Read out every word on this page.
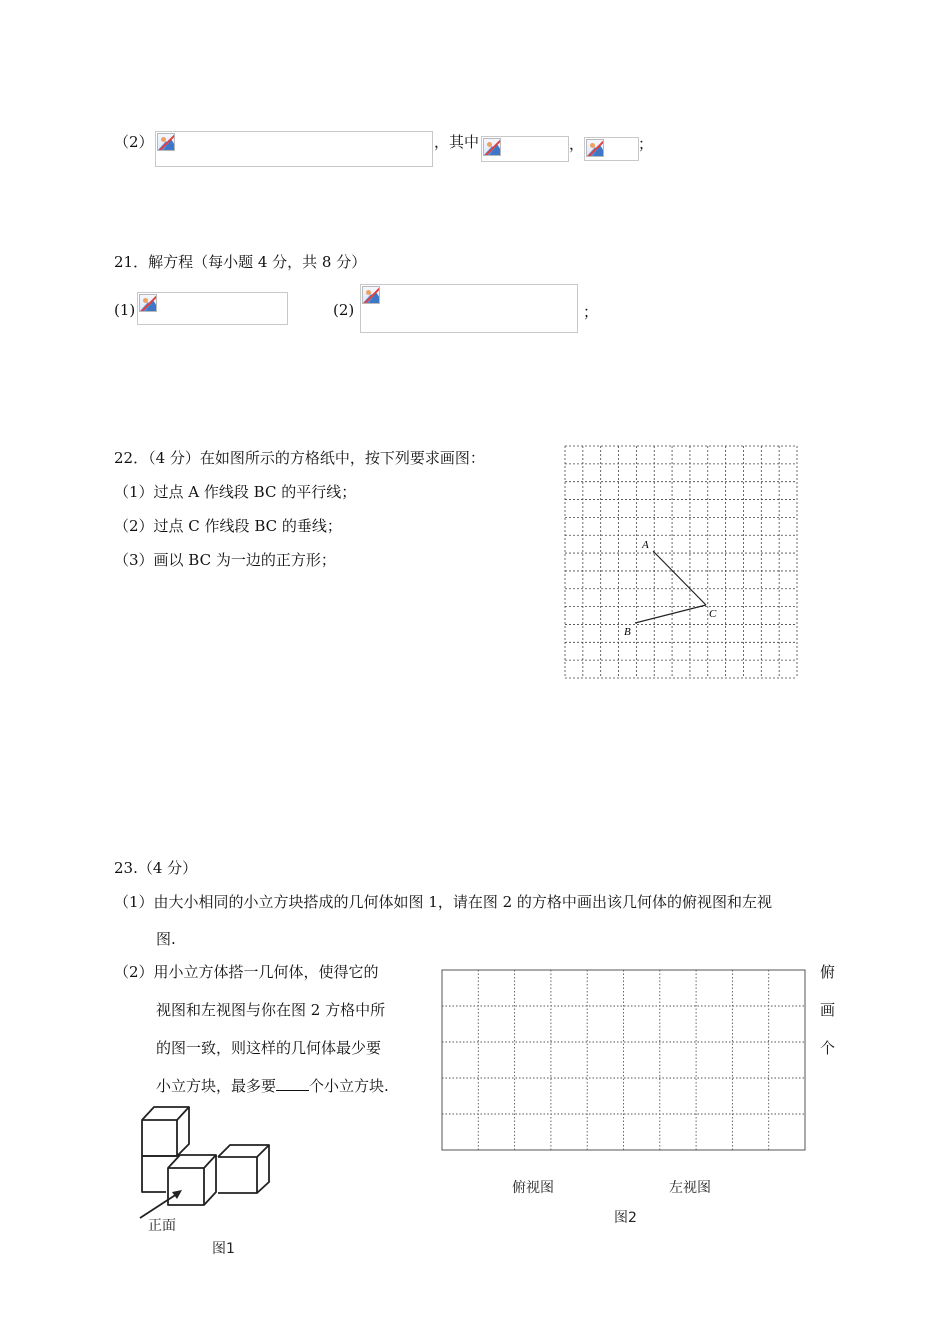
（2）	，其中	，	；
21．解方程（每小题 4 分，共 8 分）
(1)	(2)	；
22．（4 分）在如图所示的方格纸中，按下列要求画图：
（1）过点 A 作线段 BC 的平行线；
（2）过点 C 作线段 BC 的垂线；
（3）画以 BC 为一边的正方形；
A
B
C
23.（4 分）
（1）由大小相同的小立方块搭成的几何体如图 1，请在图 2 的方格中画出该几何体的俯视图和左视
图.
（2）用小立方体搭一几何体，使得它的
视图和左视图与你在图 2 方格中所
的图一致，则这样的几何体最少要
小立方块，最多要 个小立方块.
俯
画
个
俯视图	左视图
图2
正面
图1
